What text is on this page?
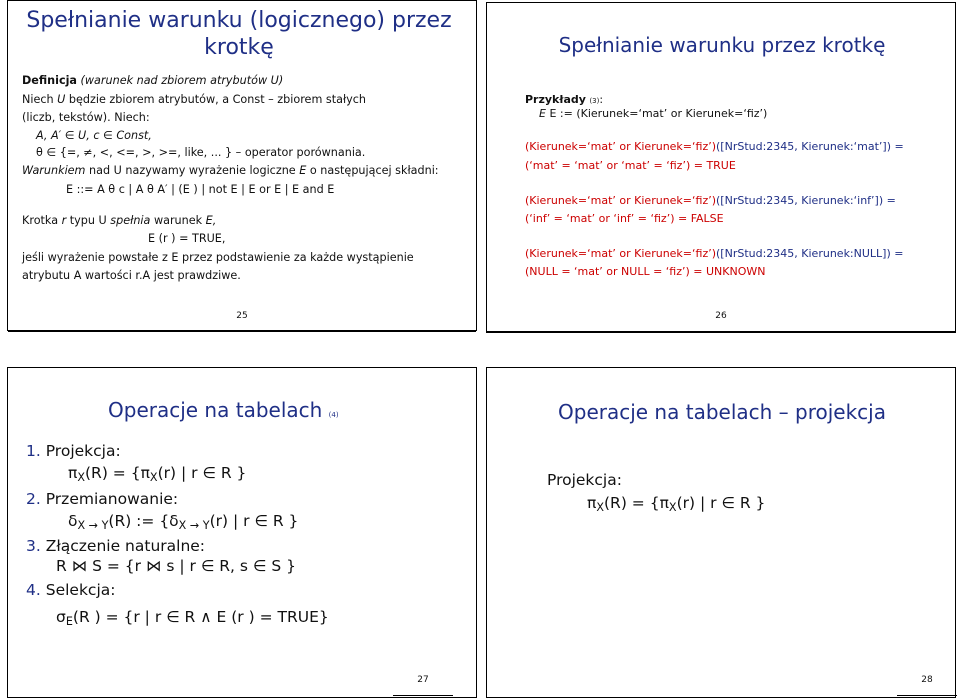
Spełnianie warunku (logicznego) przez
krotkę
Definicja (warunek nad zbiorem atrybutów U)
Niech U będzie zbiorem atrybutów, a Const – zbiorem stałych
(liczb, tekstów). Niech:
A, A′ ∈ U, c ∈ Const,
θ ∈ {=, ≠, <, <=, >, >=, like, ... } – operator porównania.
Warunkiem nad U nazywamy wyrażenie logiczne E o następującej składni:
E ::= A θ c | A θ A′ | (E ) | not E | E or E | E and E
Krotka r typu U spełnia warunek E,
E (r ) = TRUE,
jeśli wyrażenie powstałe z E przez podstawienie za każde wystąpienie
atrybutu A wartości r.A jest prawdziwe.
25
Spełnianie warunku przez krotkę
Przykłady (3):
E E := (Kierunek=‘mat’ or Kierunek=‘fiz’)
(Kierunek=‘mat’ or Kierunek=‘fiz’)([NrStud:2345, Kierunek:‘mat’]) =
(‘mat’ = ‘mat’ or ‘mat’ = ‘fiz’) = TRUE
(Kierunek=‘mat’ or Kierunek=‘fiz’)([NrStud:2345, Kierunek:‘inf’]) =
(‘inf’ = ‘mat’ or ‘inf’ = ‘fiz’) = FALSE
(Kierunek=‘mat’ or Kierunek=‘fiz’)([NrStud:2345, Kierunek:NULL]) =
(NULL = ‘mat’ or NULL = ‘fiz’) = UNKNOWN
26
Operacje na tabelach (4)
1. Projekcja:
$\pi_X(R) = \{\pi_X(r)$ | r ∈ R }
2. Przemianowanie:
$\delta_{X \to Y}(R)$ := {$\delta_{X \to Y}(r)$ | r ∈ R }
3. Złączenie naturalne:
R ⋈ S = {r ⋈ s | r ∈ R, s ∈ S }
4. Selekcja:
$\sigma_E(R$ ) = {r | r ∈ R ∧ E (r ) = TRUE}
27
Operacje na tabelach – projekcja
Projekcja:
$\pi_X(R) = \{\pi_X(r)$ | r ∈ R }
28
